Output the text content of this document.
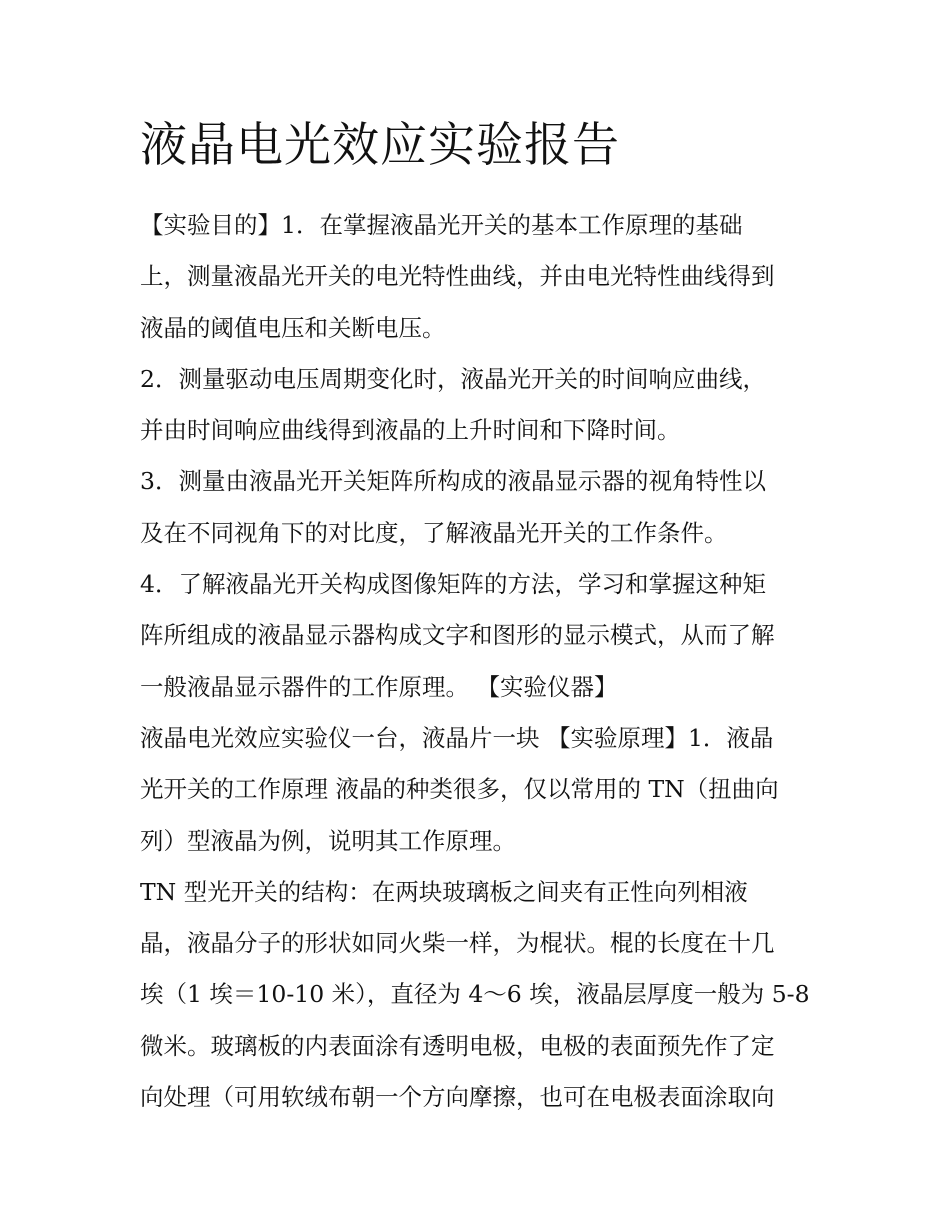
液晶电光效应实验报告
【实验目的】1．在掌握液晶光开关的基本工作原理的基础
上，测量液晶光开关的电光特性曲线，并由电光特性曲线得到
液晶的阈值电压和关断电压。
2．测量驱动电压周期变化时，液晶光开关的时间响应曲线，
并由时间响应曲线得到液晶的上升时间和下降时间。
3．测量由液晶光开关矩阵所构成的液晶显示器的视角特性以
及在不同视角下的对比度，了解液晶光开关的工作条件。
4．了解液晶光开关构成图像矩阵的方法，学习和掌握这种矩
阵所组成的液晶显示器构成文字和图形的显示模式，从而了解
一般液晶显示器件的工作原理。 【实验仪器】
液晶电光效应实验仪一台，液晶片一块 【实验原理】1．液晶
光开关的工作原理 液晶的种类很多，仅以常用的 TN（扭曲向
列）型液晶为例，说明其工作原理。
TN 型光开关的结构：在两块玻璃板之间夹有正性向列相液
晶，液晶分子的形状如同火柴一样，为棍状。棍的长度在十几
埃（1 埃＝10-10 米），直径为 4～6 埃，液晶层厚度一般为 5-8
微米。玻璃板的内表面涂有透明电极，电极的表面预先作了定
向处理（可用软绒布朝一个方向摩擦，也可在电极表面涂取向
